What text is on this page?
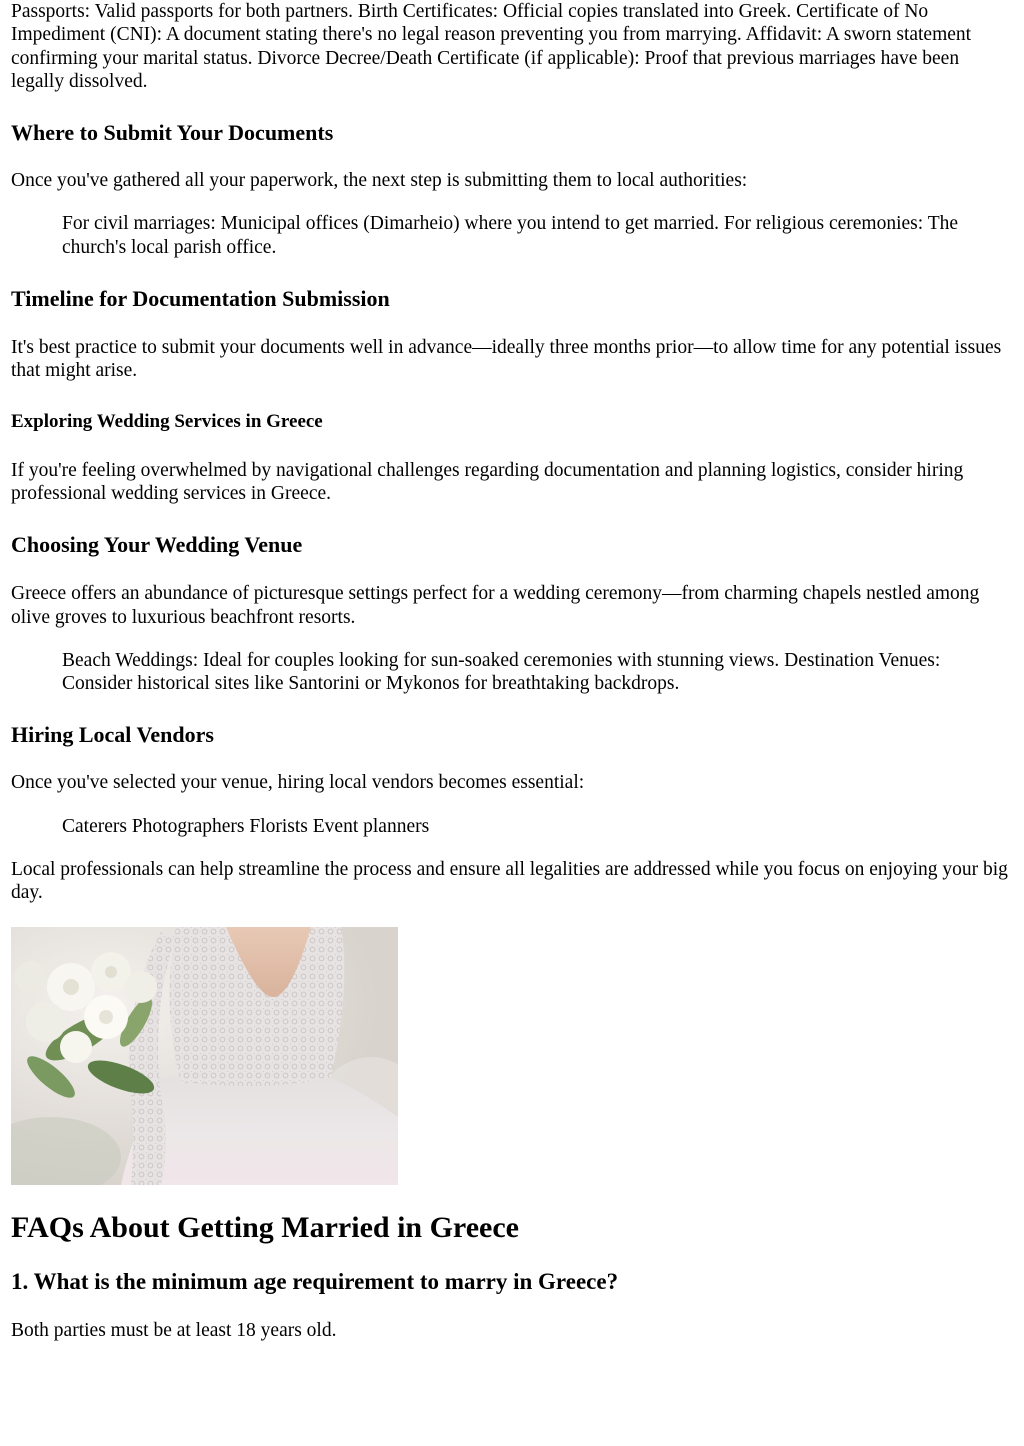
Passports: Valid passports for both partners. Birth Certificates: Official copies translated into Greek. Certificate of No Impediment (CNI): A document stating there's no legal reason preventing you from marrying. Affidavit: A sworn statement confirming your marital status. Divorce Decree/Death Certificate (if applicable): Proof that previous marriages have been legally dissolved.

Where to Submit Your Documents

Once you've gathered all your paperwork, the next step is submitting them to local authorities:

For civil marriages: Municipal offices (Dimarheio) where you intend to get married. For religious ceremonies: The church's local parish office.

Timeline for Documentation Submission

It's best practice to submit your documents well in advance—ideally three months prior—to allow time for any potential issues that might arise.

Exploring Wedding Services in Greece

If you're feeling overwhelmed by navigational challenges regarding documentation and planning logistics, consider hiring professional wedding services in Greece.

Choosing Your Wedding Venue

Greece offers an abundance of picturesque settings perfect for a wedding ceremony—from charming chapels nestled among olive groves to luxurious beachfront resorts.

Beach Weddings: Ideal for couples looking for sun-soaked ceremonies with stunning views. Destination Venues: Consider historical sites like Santorini or Mykonos for breathtaking backdrops.

Hiring Local Vendors

Once you've selected your venue, hiring local vendors becomes essential:

Caterers Photographers Florists Event planners

Local professionals can help streamline the process and ensure all legalities are addressed while you focus on enjoying your big day.

FAQs About Getting Married in Greece
1. What is the minimum age requirement to marry in Greece?

Both parties must be at least 18 years old.
